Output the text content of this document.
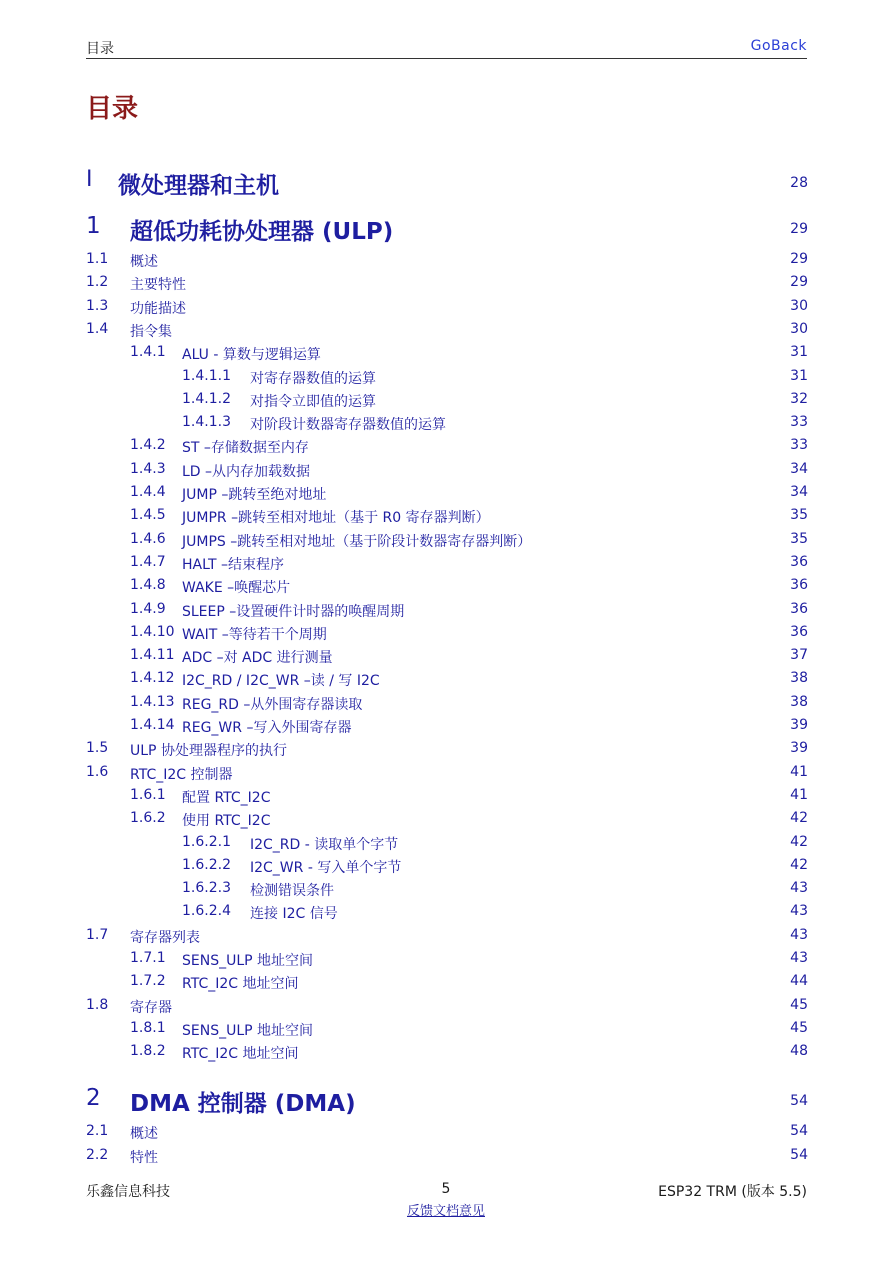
目录	GoBack
目录
I 微处理器和主机	28
1 超低功耗协处理器 (ULP)	29
1.1 概述	29
1.2 主要特性	29
1.3 功能描述	30
1.4 指令集	30
1.4.1 ALU - 算数与逻辑运算	31
1.4.1.1 对寄存器数值的运算	31
1.4.1.2 对指令立即值的运算	32
1.4.1.3 对阶段计数器寄存器数值的运算	33
1.4.2 ST –存储数据至内存	33
1.4.3 LD –从内存加载数据	34
1.4.4 JUMP –跳转至绝对地址	34
1.4.5 JUMPR –跳转至相对地址（基于 R0 寄存器判断）	35
1.4.6 JUMPS –跳转至相对地址（基于阶段计数器寄存器判断）	35
1.4.7 HALT –结束程序	36
1.4.8 WAKE –唤醒芯片	36
1.4.9 SLEEP –设置硬件计时器的唤醒周期	36
1.4.10 WAIT –等待若干个周期	36
1.4.11 ADC –对 ADC 进行测量	37
1.4.12 I2C_RD / I2C_WR –读 / 写 I2C	38
1.4.13 REG_RD –从外围寄存器读取	38
1.4.14 REG_WR –写入外围寄存器	39
1.5 ULP 协处理器程序的执行	39
1.6 RTC_I2C 控制器	41
1.6.1 配置 RTC_I2C	41
1.6.2 使用 RTC_I2C	42
1.6.2.1 I2C_RD - 读取单个字节	42
1.6.2.2 I2C_WR - 写入单个字节	42
1.6.2.3 检测错误条件	43
1.6.2.4 连接 I2C 信号	43
1.7 寄存器列表	43
1.7.1 SENS_ULP 地址空间	43
1.7.2 RTC_I2C 地址空间	44
1.8 寄存器	45
1.8.1 SENS_ULP 地址空间	45
1.8.2 RTC_I2C 地址空间	48
2 DMA 控制器 (DMA)	54
2.1 概述	54
2.2 特性	54
乐鑫信息科技	5	ESP32 TRM (版本 5.5)
反馈文档意见
